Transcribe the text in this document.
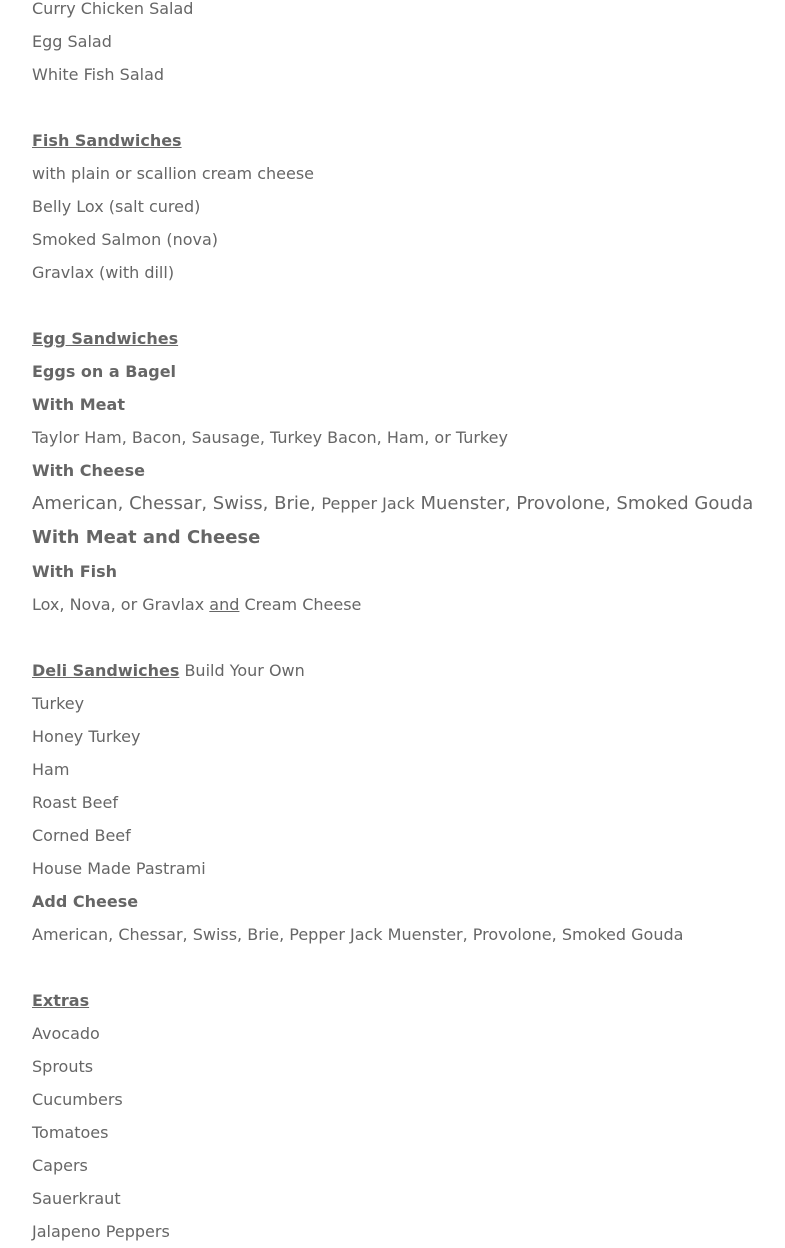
Curry Chicken Salad
Egg Salad
White Fish Salad
Fish Sandwiches
with plain or scallion cream cheese
Belly Lox (salt cured)
Smoked Salmon (nova)
Gravlax (with dill)
Egg Sandwiches
Eggs on a Bagel
With Meat
Taylor Ham, Bacon, Sausage, Turkey Bacon, Ham, or Turkey
With Cheese
American, Chessar, Swiss, Brie, Pepper Jack Muenster, Provolone, Smoked Gouda
With Meat and Cheese
With Fish
Lox, Nova, or Gravlax and Cream Cheese
Deli Sandwiches Build Your Own
Turkey
Honey Turkey
Ham
Roast Beef
Corned Beef
House Made Pastrami
Add Cheese
American, Chessar, Swiss, Brie, Pepper Jack Muenster, Provolone, Smoked Gouda
Extras
Avocado
Sprouts
Cucumbers
Tomatoes
Capers
Sauerkraut
Jalapeno Peppers
